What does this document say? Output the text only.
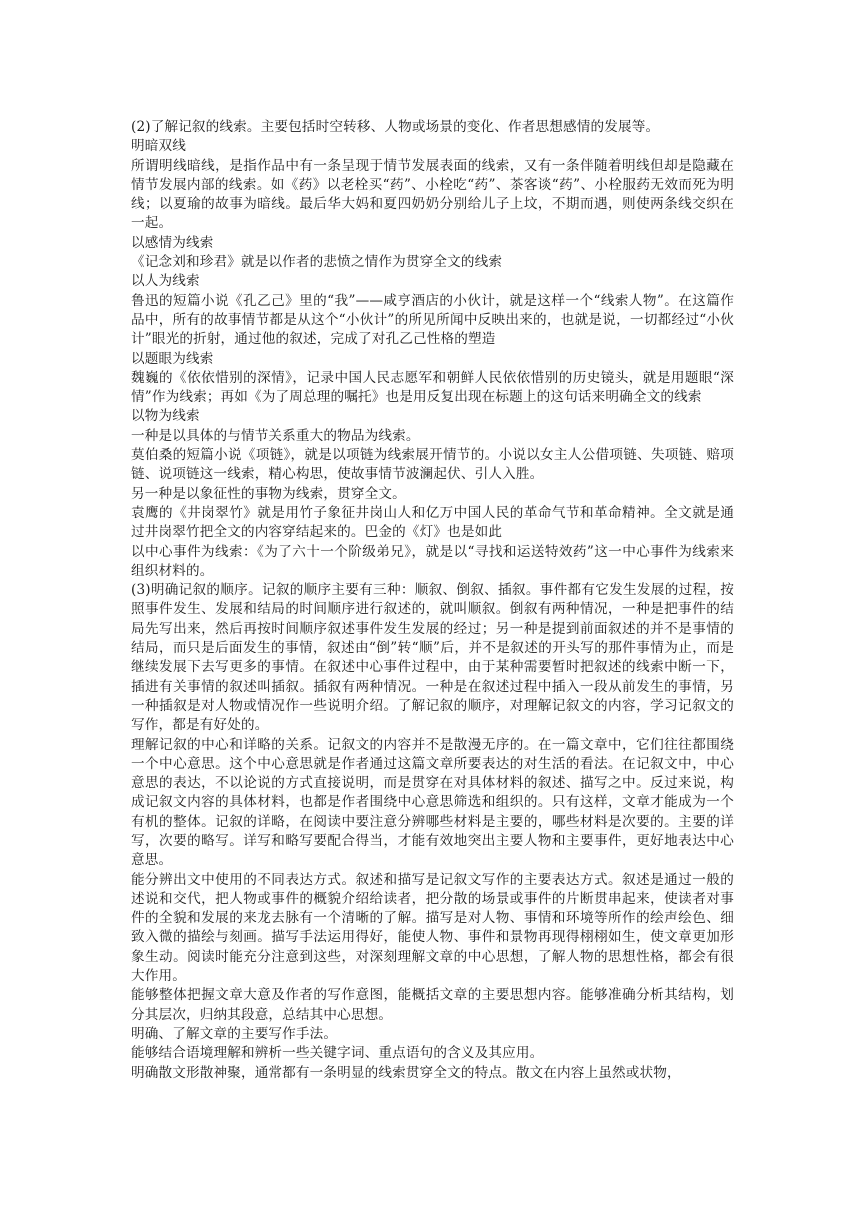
(2)了解记叙的线索。主要包括时空转移、人物或场景的变化、作者思想感情的发展等。

明暗双线

所谓明线暗线，是指作品中有一条呈现于情节发展表面的线索，又有一条伴随着明线但却是隐藏在情节发展内部的线索。如《药》以老栓买“药”、小栓吃“药”、茶客谈“药”、小栓服药无效而死为明线；以夏瑜的故事为暗线。最后华大妈和夏四奶奶分别给儿子上坟，不期而遇，则使两条线交织在一起。

以感情为线索

《记念刘和珍君》就是以作者的悲愤之情作为贯穿全文的线索

以人为线索

鲁迅的短篇小说《孔乙己》里的“我”——咸亨酒店的小伙计，就是这样一个“线索人物”。在这篇作品中，所有的故事情节都是从这个“小伙计”的所见所闻中反映出来的，也就是说，一切都经过“小伙计”眼光的折射，通过他的叙述，完成了对孔乙己性格的塑造

以题眼为线索

魏巍的《依依惜别的深情》，记录中国人民志愿军和朝鲜人民依依惜别的历史镜头，就是用题眼“深情”作为线索；再如《为了周总理的嘱托》也是用反复出现在标题上的这句话来明确全文的线索

以物为线索

一种是以具体的与情节关系重大的物品为线索。

莫伯桑的短篇小说《项链》，就是以项链为线索展开情节的。小说以女主人公借项链、失项链、赔项链、说项链这一线索，精心构思，使故事情节波澜起伏、引人入胜。

另一种是以象征性的事物为线索，贯穿全文。

袁鹰的《井岗翠竹》就是用竹子象征井岗山人和亿万中国人民的革命气节和革命精神。全文就是通过井岗翠竹把全文的内容穿结起来的。巴金的《灯》也是如此

以中心事件为线索：《为了六十一个阶级弟兄》，就是以“寻找和运送特效药”这一中心事件为线索来组织材料的。

(3)明确记叙的顺序。记叙的顺序主要有三种：顺叙、倒叙、插叙。事件都有它发生发展的过程，按照事件发生、发展和结局的时间顺序进行叙述的，就叫顺叙。倒叙有两种情况，一种是把事件的结局先写出来，然后再按时间顺序叙述事件发生发展的经过；另一种是提到前面叙述的并不是事情的结局，而只是后面发生的事情，叙述由“倒”转“顺”后，并不是叙述的开头写的那件事情为止，而是继续发展下去写更多的事情。在叙述中心事件过程中，由于某种需要暂时把叙述的线索中断一下，插进有关事情的叙述叫插叙。插叙有两种情况。一种是在叙述过程中插入一段从前发生的事情，另一种插叙是对人物或情况作一些说明介绍。了解记叙的顺序，对理解记叙文的内容，学习记叙文的写作，都是有好处的。

理解记叙的中心和详略的关系。记叙文的内容并不是散漫无序的。在一篇文章中，它们往往都围绕一个中心意思。这个中心意思就是作者通过这篇文章所要表达的对生活的看法。在记叙文中，中心意思的表达，不以论说的方式直接说明，而是贯穿在对具体材料的叙述、描写之中。反过来说，构成记叙文内容的具体材料，也都是作者围绕中心意思筛选和组织的。只有这样，文章才能成为一个有机的整体。记叙的详略，在阅读中要注意分辨哪些材料是主要的，哪些材料是次要的。主要的详写，次要的略写。详写和略写要配合得当，才能有效地突出主要人物和主要事件，更好地表达中心意思。

能分辨出文中使用的不同表达方式。叙述和描写是记叙文写作的主要表达方式。叙述是通过一般的述说和交代，把人物或事件的概貌介绍给读者，把分散的场景或事件的片断贯串起来，使读者对事件的全貌和发展的来龙去脉有一个清晰的了解。描写是对人物、事情和环境等所作的绘声绘色、细致入微的描绘与刻画。描写手法运用得好，能使人物、事件和景物再现得栩栩如生，使文章更加形象生动。阅读时能充分注意到这些，对深刻理解文章的中心思想，了解人物的思想性格，都会有很大作用。

能够整体把握文章大意及作者的写作意图，能概括文章的主要思想内容。能够准确分析其结构，划分其层次，归纳其段意，总结其中心思想。

明确、了解文章的主要写作手法。

能够结合语境理解和辨析一些关键字词、重点语句的含义及其应用。

明确散文形散神聚，通常都有一条明显的线索贯穿全文的特点。散文在内容上虽然或状物，
